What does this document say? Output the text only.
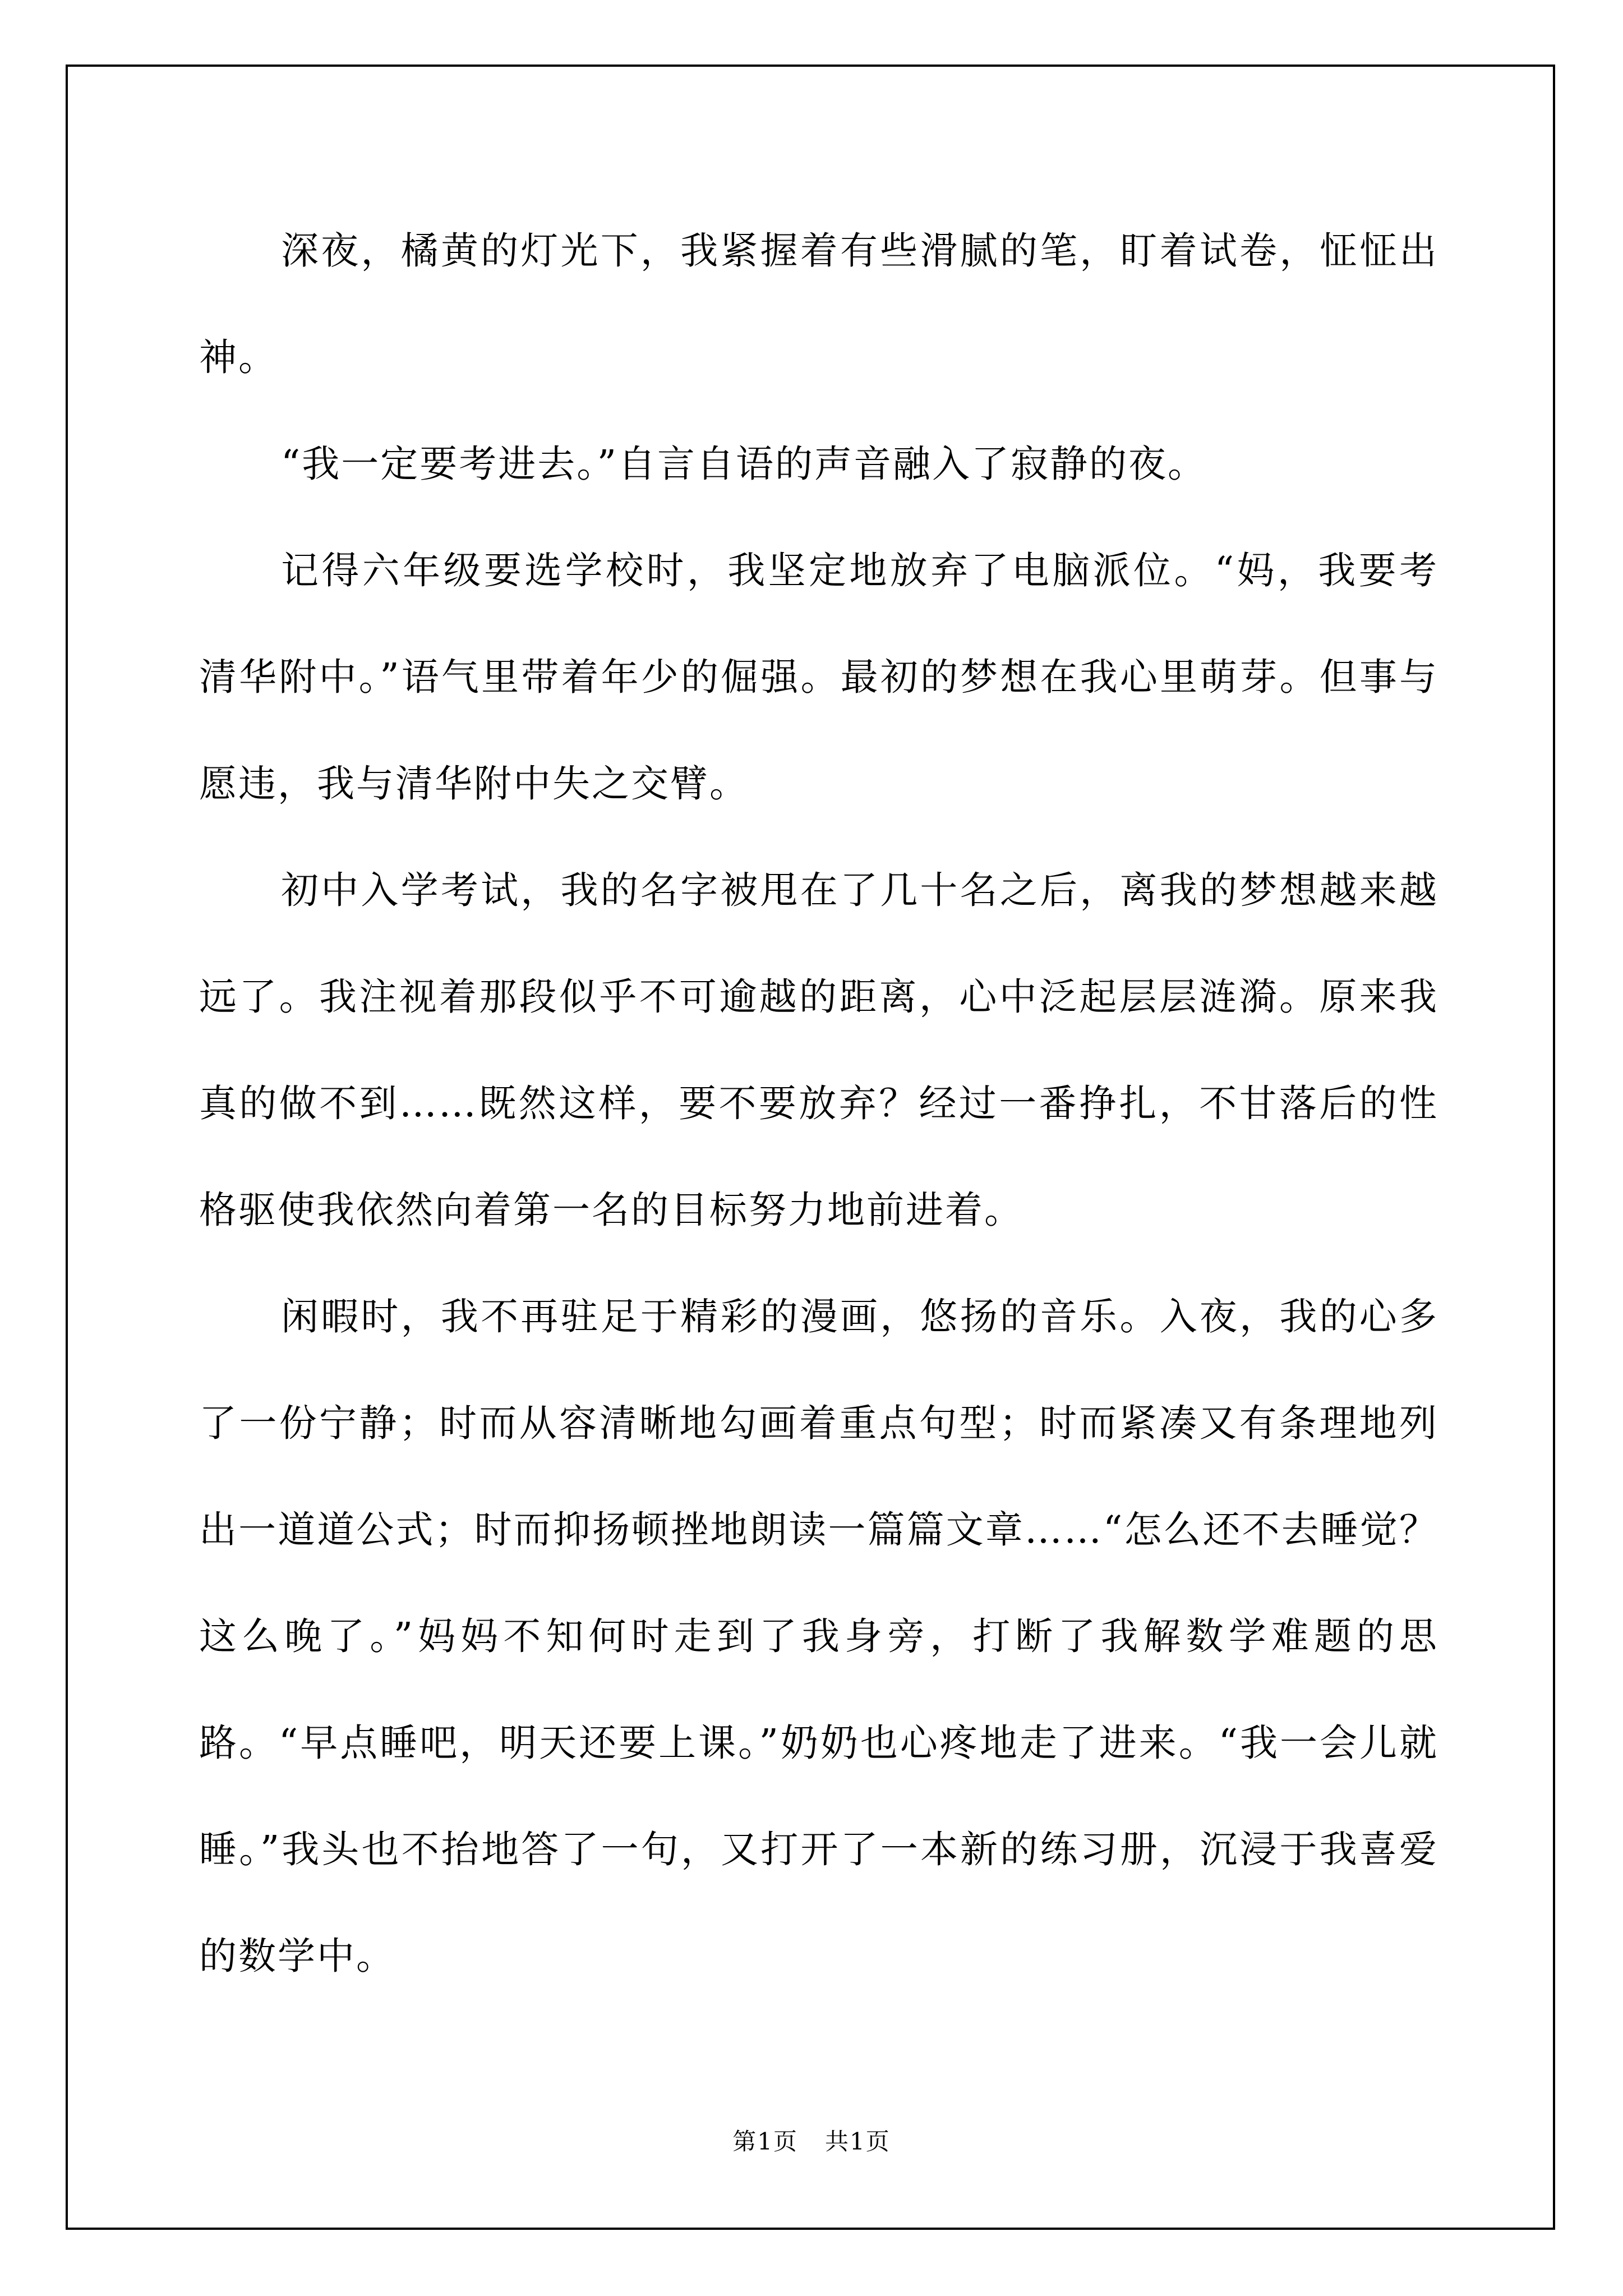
深夜，橘黄的灯光下，我紧握着有些滑腻的笔，盯着试卷，怔怔出神。

“我一定要考进去。”自言自语的声音融入了寂静的夜。

记得六年级要选学校时，我坚定地放弃了电脑派位。“妈，我要考清华附中。”语气里带着年少的倔强。最初的梦想在我心里萌芽。但事与愿违，我与清华附中失之交臂。

初中入学考试，我的名字被甩在了几十名之后，离我的梦想越来越远了。我注视着那段似乎不可逾越的距离，心中泛起层层涟漪。原来我真的做不到……既然这样，要不要放弃？经过一番挣扎，不甘落后的性格驱使我依然向着第一名的目标努力地前进着。

闲暇时，我不再驻足于精彩的漫画，悠扬的音乐。入夜，我的心多了一份宁静；时而从容清晰地勾画着重点句型；时而紧凑又有条理地列出一道道公式；时而抑扬顿挫地朗读一篇篇文章……“怎么还不去睡觉？这么晚了。”妈妈不知何时走到了我身旁，打断了我解数学难题的思路。“早点睡吧，明天还要上课。”奶奶也心疼地走了进来。“我一会儿就睡。”我头也不抬地答了一句，又打开了一本新的练习册，沉浸于我喜爱的数学中。

第1页 共1页
